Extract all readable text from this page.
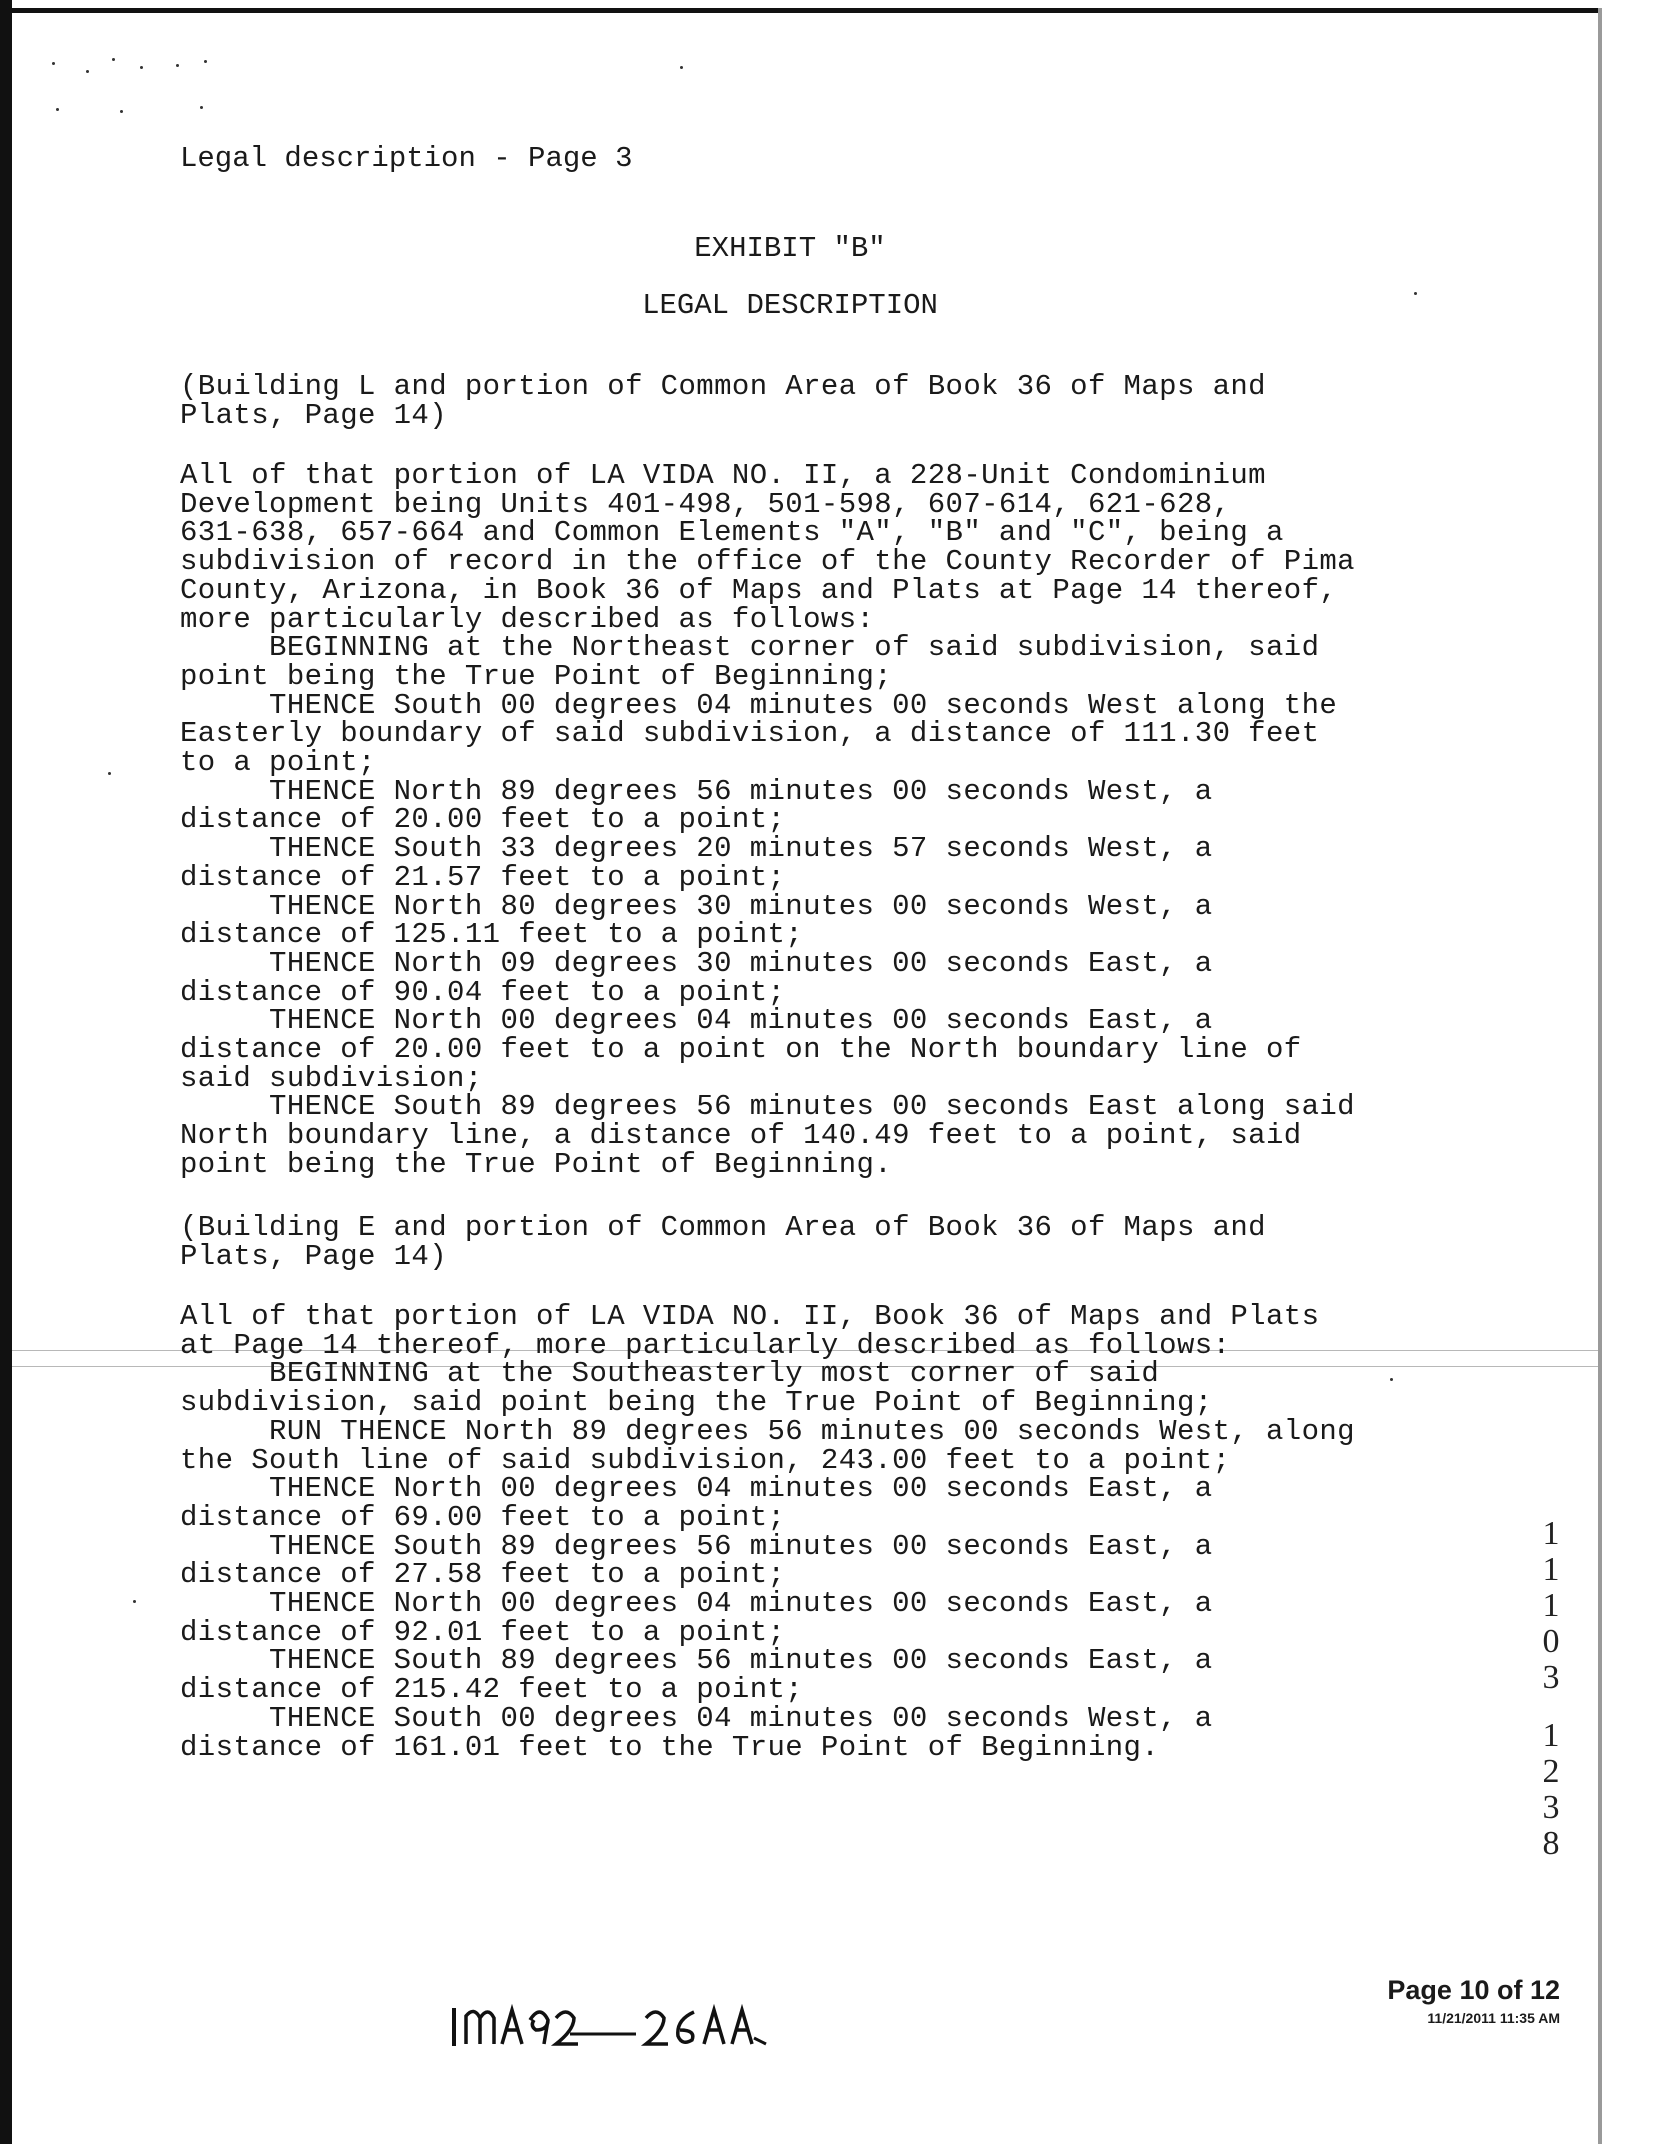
Legal description - Page 3
EXHIBIT "B"
LEGAL DESCRIPTION
(Building L and portion of Common Area of Book 36 of Maps and
Plats, Page 14)
All of that portion of LA VIDA NO. II, a 228-Unit Condominium
Development being Units 401-498, 501-598, 607-614, 621-628,
631-638, 657-664 and Common Elements "A", "B" and "C", being a
subdivision of record in the office of the County Recorder of Pima
County, Arizona, in Book 36 of Maps and Plats at Page 14 thereof,
more particularly described as follows:
BEGINNING at the Northeast corner of said subdivision, said
point being the True Point of Beginning;
THENCE South 00 degrees 04 minutes 00 seconds West along the
Easterly boundary of said subdivision, a distance of 111.30 feet
to a point;
THENCE North 89 degrees 56 minutes 00 seconds West, a
distance of 20.00 feet to a point;
THENCE South 33 degrees 20 minutes 57 seconds West, a
distance of 21.57 feet to a point;
THENCE North 80 degrees 30 minutes 00 seconds West, a
distance of 125.11 feet to a point;
THENCE North 09 degrees 30 minutes 00 seconds East, a
distance of 90.04 feet to a point;
THENCE North 00 degrees 04 minutes 00 seconds East, a
distance of 20.00 feet to a point on the North boundary line of
said subdivision;
THENCE South 89 degrees 56 minutes 00 seconds East along said
North boundary line, a distance of 140.49 feet to a point, said
point being the True Point of Beginning.
(Building E and portion of Common Area of Book 36 of Maps and
Plats, Page 14)
All of that portion of LA VIDA NO. II, Book 36 of Maps and Plats
at Page 14 thereof, more particularly described as follows:
BEGINNING at the Southeasterly most corner of said
subdivision, said point being the True Point of Beginning;
RUN THENCE North 89 degrees 56 minutes 00 seconds West, along
the South line of said subdivision, 243.00 feet to a point;
THENCE North 00 degrees 04 minutes 00 seconds East, a
distance of 69.00 feet to a point;
THENCE South 89 degrees 56 minutes 00 seconds East, a
distance of 27.58 feet to a point;
THENCE North 00 degrees 04 minutes 00 seconds East, a
distance of 92.01 feet to a point;
THENCE South 89 degrees 56 minutes 00 seconds East, a
distance of 215.42 feet to a point;
THENCE South 00 degrees 04 minutes 00 seconds West, a
distance of 161.01 feet to the True Point of Beginning.
1
1
1
0
3
1
2
3
8
Page 10 of 12
11/21/2011 11:35 AM
